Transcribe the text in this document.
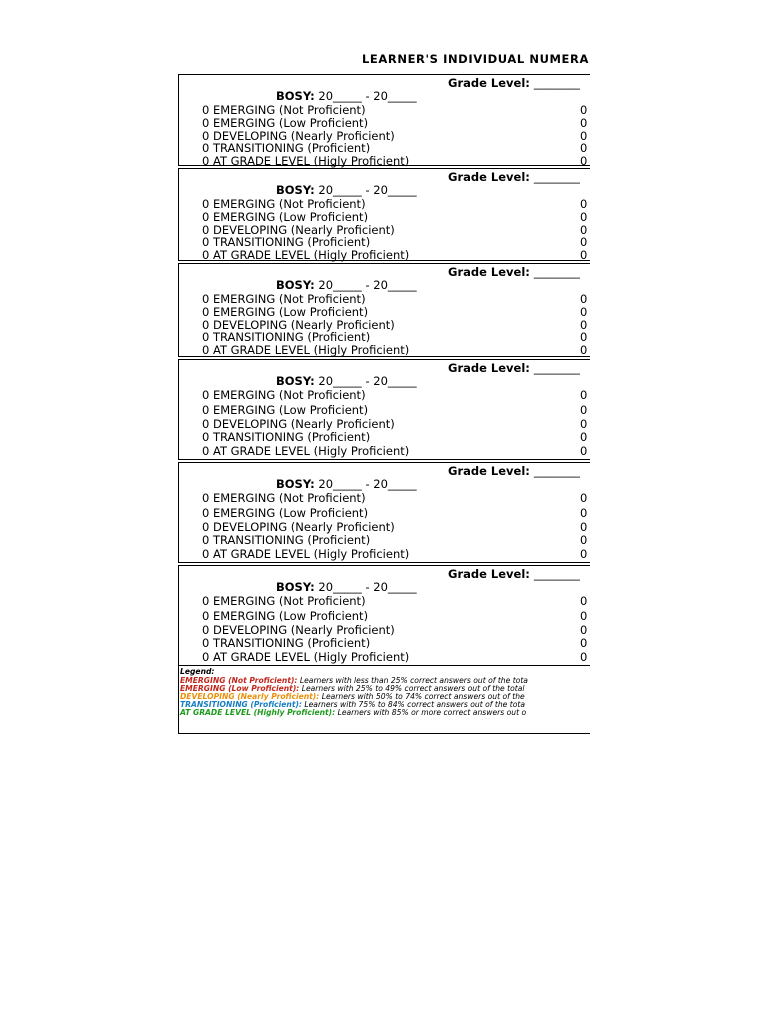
LEARNER'S INDIVIDUAL NUMERA
Grade Level: ________
BOSY: 20_____ - 20_____
0 EMERGING (Not Proficient)	0
0 EMERGING (Low Proficient)	0
0 DEVELOPING (Nearly Proficient)	0
0 TRANSITIONING (Proficient)	0
0 AT GRADE LEVEL (Higly Proficient)	0
Grade Level: ________
BOSY: 20_____ - 20_____
0 EMERGING (Not Proficient)	0
0 EMERGING (Low Proficient)	0
0 DEVELOPING (Nearly Proficient)	0
0 TRANSITIONING (Proficient)	0
0 AT GRADE LEVEL (Higly Proficient)	0
Grade Level: ________
BOSY: 20_____ - 20_____
0 EMERGING (Not Proficient)	0
0 EMERGING (Low Proficient)	0
0 DEVELOPING (Nearly Proficient)	0
0 TRANSITIONING (Proficient)	0
0 AT GRADE LEVEL (Higly Proficient)	0
Grade Level: ________
BOSY: 20_____ - 20_____
0 EMERGING (Not Proficient)	0
0 EMERGING (Low Proficient)	0
0 DEVELOPING (Nearly Proficient)	0
0 TRANSITIONING (Proficient)	0
0 AT GRADE LEVEL (Higly Proficient)	0
Grade Level: ________
BOSY: 20_____ - 20_____
0 EMERGING (Not Proficient)	0
0 EMERGING (Low Proficient)	0
0 DEVELOPING (Nearly Proficient)	0
0 TRANSITIONING (Proficient)	0
0 AT GRADE LEVEL (Higly Proficient)	0
Grade Level: ________
BOSY: 20_____ - 20_____
0 EMERGING (Not Proficient)	0
0 EMERGING (Low Proficient)	0
0 DEVELOPING (Nearly Proficient)	0
0 TRANSITIONING (Proficient)	0
0 AT GRADE LEVEL (Higly Proficient)	0
Legend:
EMERGING (Not Proficient): Learners with less than 25% correct answers out of the tota
EMERGING (Low Proficient): Learners with 25% to 49% correct answers out of the total
DEVELOPING (Nearly Proficient): Learners with 50% to 74% correct answers out of the
TRANSITIONING (Proficient): Learners with 75% to 84% correct answers out of the tota
AT GRADE LEVEL (Highly Proficient): Learners with 85% or more correct answers out o
